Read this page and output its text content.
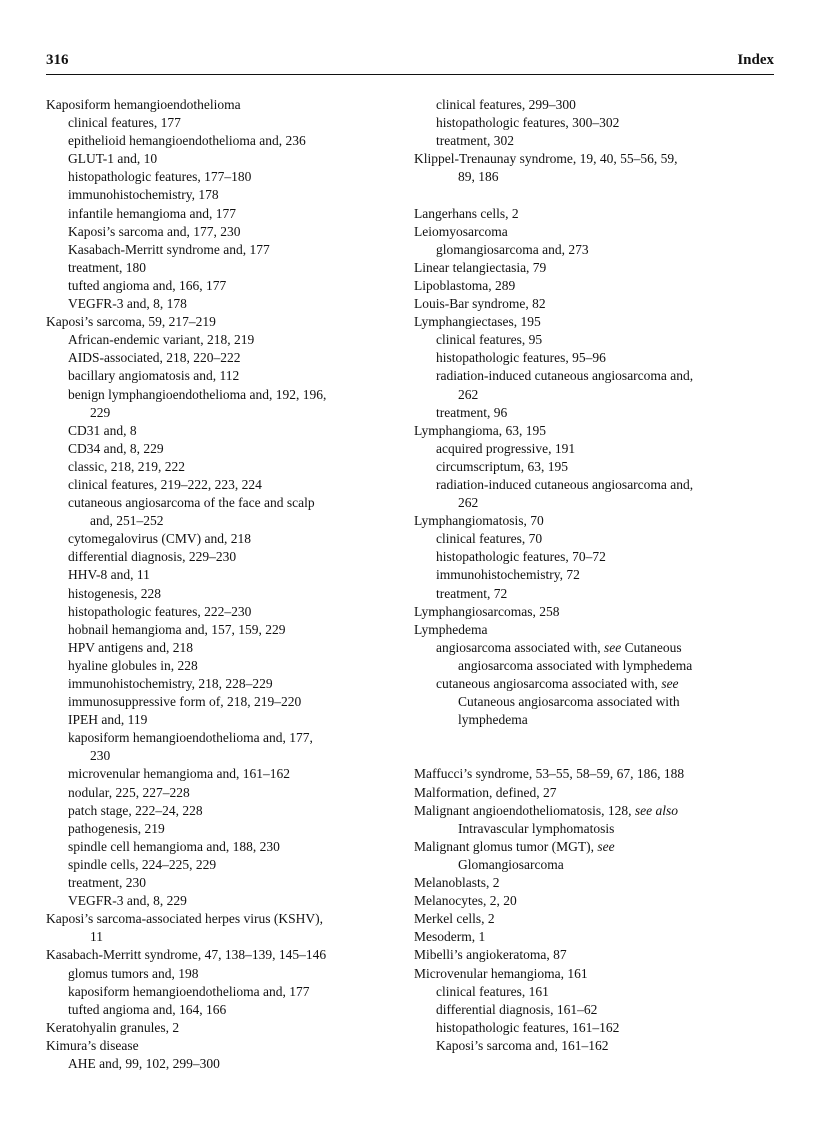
316	Index
Kaposiform hemangioendothelioma
clinical features, 177
epithelioid hemangioendothelioma and, 236
GLUT-1 and, 10
histopathologic features, 177–180
immunohistochemistry, 178
infantile hemangioma and, 177
Kaposi’s sarcoma and, 177, 230
Kasabach-Merritt syndrome and, 177
treatment, 180
tufted angioma and, 166, 177
VEGFR-3 and, 8, 178
Kaposi’s sarcoma, 59, 217–219
African-endemic variant, 218, 219
AIDS-associated, 218, 220–222
bacillary angiomatosis and, 112
benign lymphangioendothelioma and, 192, 196,
229
CD31 and, 8
CD34 and, 8, 229
classic, 218, 219, 222
clinical features, 219–222, 223, 224
cutaneous angiosarcoma of the face and scalp
and, 251–252
cytomegalovirus (CMV) and, 218
differential diagnosis, 229–230
HHV-8 and, 11
histogenesis, 228
histopathologic features, 222–230
hobnail hemangioma and, 157, 159, 229
HPV antigens and, 218
hyaline globules in, 228
immunohistochemistry, 218, 228–229
immunosuppressive form of, 218, 219–220
IPEH and, 119
kaposiform hemangioendothelioma and, 177,
230
microvenular hemangioma and, 161–162
nodular, 225, 227–228
patch stage, 222–24, 228
pathogenesis, 219
spindle cell hemangioma and, 188, 230
spindle cells, 224–225, 229
treatment, 230
VEGFR-3 and, 8, 229
Kaposi’s sarcoma-associated herpes virus (KSHV),
11
Kasabach-Merritt syndrome, 47, 138–139, 145–146
glomus tumors and, 198
kaposiform hemangioendothelioma and, 177
tufted angioma and, 164, 166
Keratohyalin granules, 2
Kimura’s disease
AHE and, 99, 102, 299–300
clinical features, 299–300
histopathologic features, 300–302
treatment, 302
Klippel-Trenaunay syndrome, 19, 40, 55–56, 59,
89, 186
Langerhans cells, 2
Leiomyosarcoma
glomangiosarcoma and, 273
Linear telangiectasia, 79
Lipoblastoma, 289
Louis-Bar syndrome, 82
Lymphangiectases, 195
clinical features, 95
histopathologic features, 95–96
radiation-induced cutaneous angiosarcoma and,
262
treatment, 96
Lymphangioma, 63, 195
acquired progressive, 191
circumscriptum, 63, 195
radiation-induced cutaneous angiosarcoma and,
262
Lymphangiomatosis, 70
clinical features, 70
histopathologic features, 70–72
immunohistochemistry, 72
treatment, 72
Lymphangiosarcomas, 258
Lymphedema
angiosarcoma associated with, see Cutaneous
angiosarcoma associated with lymphedema
cutaneous angiosarcoma associated with, see
Cutaneous angiosarcoma associated with
lymphedema
Maffucci’s syndrome, 53–55, 58–59, 67, 186, 188
Malformation, defined, 27
Malignant angioendotheliomatosis, 128, see also
Intravascular lymphomatosis
Malignant glomus tumor (MGT), see
Glomangiosarcoma
Melanoblasts, 2
Melanocytes, 2, 20
Merkel cells, 2
Mesoderm, 1
Mibelli’s angiokeratoma, 87
Microvenular hemangioma, 161
clinical features, 161
differential diagnosis, 161–62
histopathologic features, 161–162
Kaposi’s sarcoma and, 161–162
